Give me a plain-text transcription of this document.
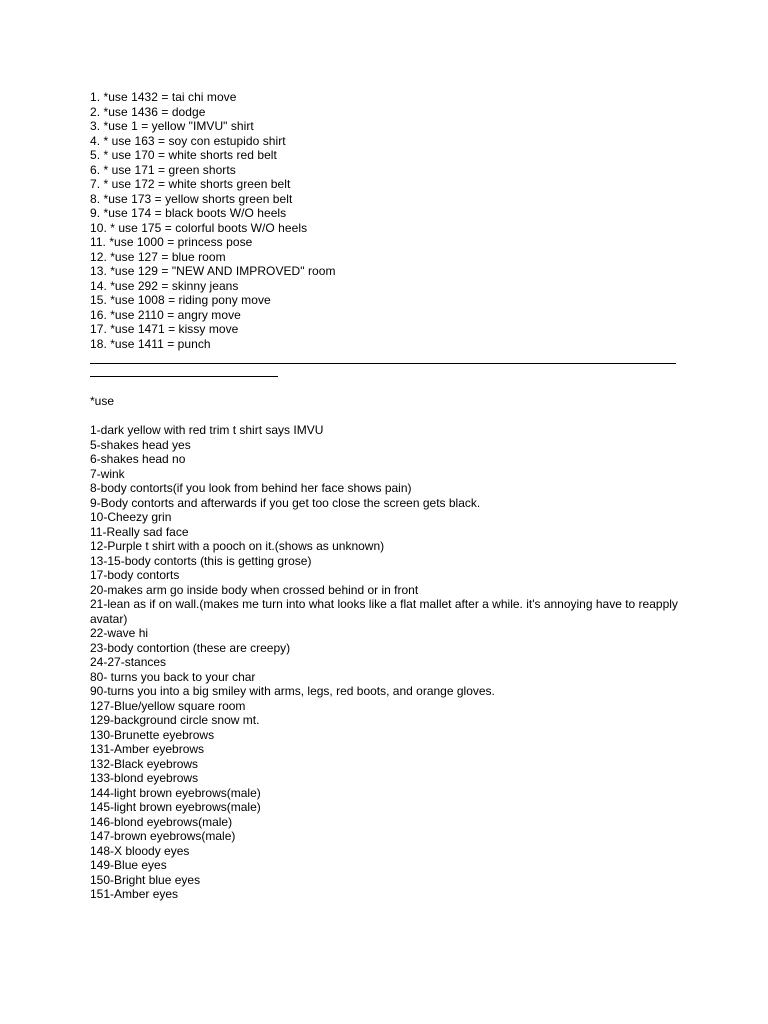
1. *use 1432 = tai chi move
2. *use 1436 = dodge
3. *use 1 = yellow "IMVU" shirt
4. * use 163 = soy con estupido shirt
5. * use 170 = white shorts red belt
6. * use 171 = green shorts
7. * use 172 = white shorts green belt
8. *use 173 = yellow shorts green belt
9. *use 174 = black boots W/O heels
10. * use 175 = colorful boots W/O heels
11. *use 1000 = princess pose
12. *use 127 = blue room
13. *use 129 = "NEW AND IMPROVED" room
14. *use 292 = skinny jeans
15. *use 1008 = riding pony move
16. *use 2110 = angry move
17. *use 1471 = kissy move
18. *use 1411 = punch
*use
1-dark yellow with red trim t shirt says IMVU
5-shakes head yes
6-shakes head no
7-wink
8-body contorts(if you look from behind her face shows pain)
9-Body contorts and afterwards if you get too close the screen gets black.
10-Cheezy grin
11-Really sad face
12-Purple t shirt with a pooch on it.(shows as unknown)
13-15-body contorts (this is getting grose)
17-body contorts
20-makes arm go inside body when crossed behind or in front
21-lean as if on wall.(makes me turn into what looks like a flat mallet after a while. it's annoying have to reapply avatar)
22-wave hi
23-body contortion (these are creepy)
24-27-stances
80- turns you back to your char
90-turns you into a big smiley with arms, legs, red boots, and orange gloves.
127-Blue/yellow square room
129-background circle snow mt.
130-Brunette eyebrows
131-Amber eyebrows
132-Black eyebrows
133-blond eyebrows
144-light brown eyebrows(male)
145-light brown eyebrows(male)
146-blond eyebrows(male)
147-brown eyebrows(male)
148-X bloody eyes
149-Blue eyes
150-Bright blue eyes
151-Amber eyes
